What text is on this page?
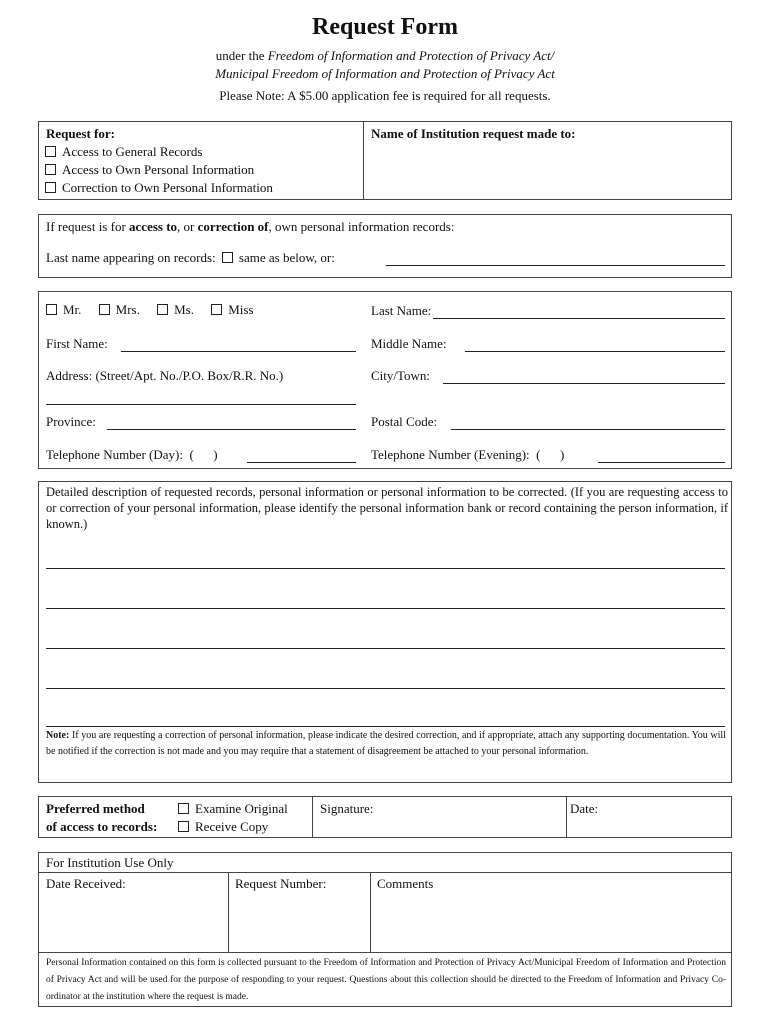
Request Form
under the Freedom of Information and Protection of Privacy Act/
Municipal Freedom of Information and Protection of Privacy Act
Please Note: A $5.00 application fee is required for all requests.
Request for:
Access to General Records
Access to Own Personal Information
Correction to Own Personal Information
Name of Institution request made to:
If request is for access to, or correction of, own personal information records:
Last name appearing on records: same as below, or:
Mr.	Mrs.	Ms.	Miss	Last Name:
First Name:	Middle Name:
Address: (Street/Apt. No./P.O. Box/R.R. No.)	City/Town:
Province:	Postal Code:
Telephone Number (Day):  (      )	Telephone Number (Evening):  (      )
Detailed description of requested records, personal information or personal information to be corrected. (If you are requesting access to or correction of your personal information, please identify the personal information bank or record containing the person information, if known.)
Note: If you are requesting a correction of personal information, please indicate the desired correction, and if appropriate, attach any supporting documentation. You will be notified if the correction is not made and you may require that a statement of disagreement be attached to your personal information.
Preferred method
of access to records:
Examine Original
Receive Copy
Signature:	Date:
For Institution Use Only
Date Received:	Request Number:	Comments
Personal Information contained on this form is collected pursuant to the Freedom of Information and Protection of Privacy Act/Municipal Freedom of Information and Protection of Privacy Act and will be used for the purpose of responding to your request. Questions about this collection should be directed to the Freedom of Information and Privacy Co-ordinator at the institution where the request is made.
